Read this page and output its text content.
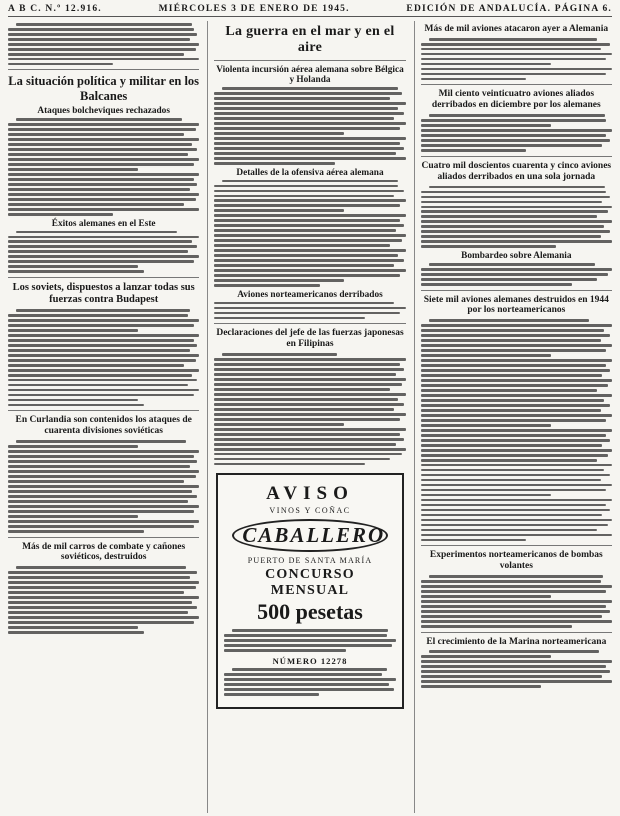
A B C. N.º 12.916.	MIÉRCOLES 3 DE ENERO DE 1945.	EDICIÓN DE ANDALUCÍA. PÁGINA 6.
La situación política y militar en los Balcanes
Ataques bolcheviques rechazados
Éxitos alemanes en el Este
Los soviets, dispuestos a lanzar todas sus fuerzas contra Budapest
En Curlandia son contenidos los ataques de cuarenta divisiones soviéticas
Más de mil carros de combate y cañones soviéticos, destruidos
La guerra en el mar y en el aire
Violenta incursión aérea alemana sobre Bélgica y Holanda
Detalles de la ofensiva aérea alemana
Aviones norteamericanos derribados
Declaraciones del jefe de las fuerzas japonesas en Filipinas
AVISO
VINOS Y COÑAC
CABALLERO
PUERTO DE SANTA MARÍA
CONCURSO MENSUAL
500 pesetas
NÚMERO 12278
Más de mil aviones atacaron ayer a Alemania
Mil ciento veinticuatro aviones aliados derribados en diciembre por los alemanes
Cuatro mil doscientos cuarenta y cinco aviones aliados derribados en una sola jornada
Bombardeo sobre Alemania
Siete mil aviones alemanes destruidos en 1944 por los norteamericanos
Experimentos norteamericanos de bombas volantes
El crecimiento de la Marina norteamericana
